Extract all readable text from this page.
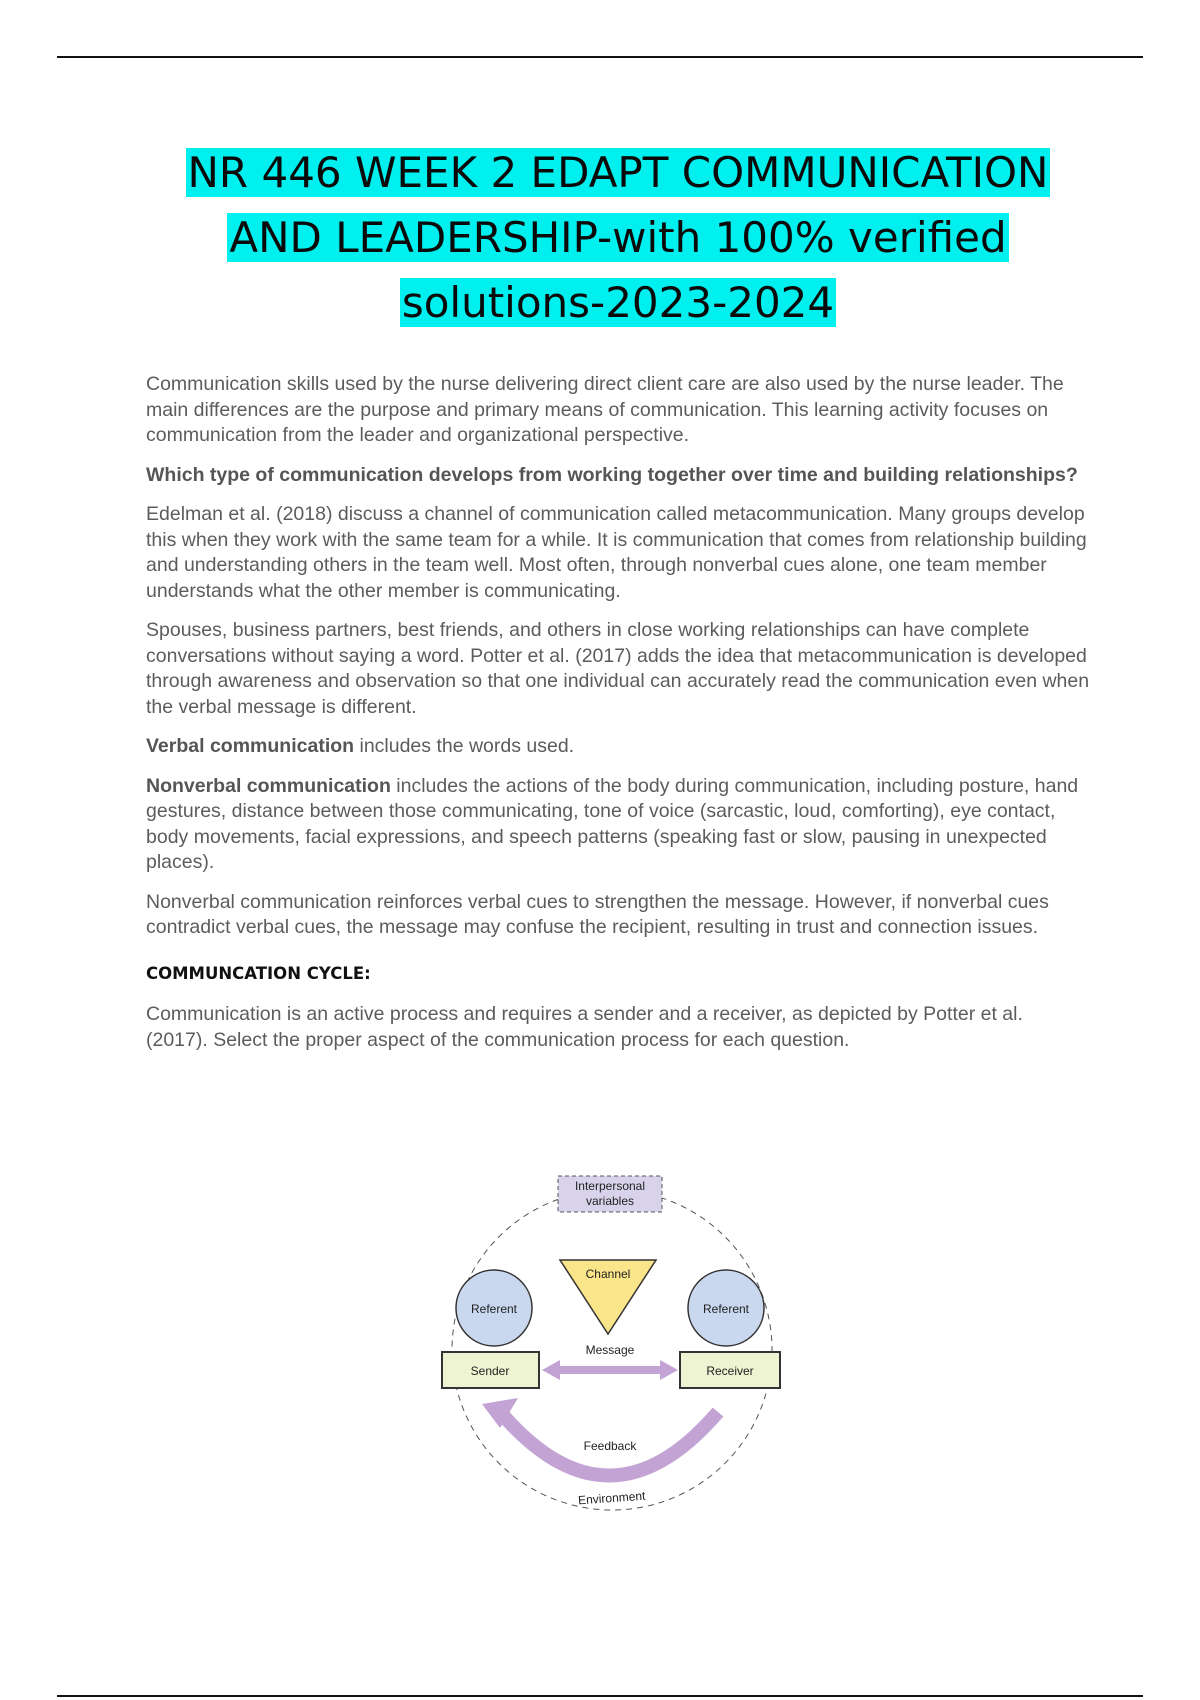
NR 446 WEEK 2 EDAPT COMMUNICATION AND LEADERSHIP-with 100% verified solutions-2023-2024

Communication skills used by the nurse delivering direct client care are also used by the nurse leader. The main differences are the purpose and primary means of communication. This learning activity focuses on communication from the leader and organizational perspective.

Which type of communication develops from working together over time and building relationships?

Edelman et al. (2018) discuss a channel of communication called metacommunication. Many groups develop this when they work with the same team for a while. It is communication that comes from relationship building and understanding others in the team well. Most often, through nonverbal cues alone, one team member understands what the other member is communicating.

Spouses, business partners, best friends, and others in close working relationships can have complete conversations without saying a word. Potter et al. (2017) adds the idea that metacommunication is developed through awareness and observation so that one individual can accurately read the communication even when the verbal message is different.

Verbal communication includes the words used.

Nonverbal communication includes the actions of the body during communication, including posture, hand gestures, distance between those communicating, tone of voice (sarcastic, loud, comforting), eye contact, body movements, facial expressions, and speech patterns (speaking fast or slow, pausing in unexpected places).

Nonverbal communication reinforces verbal cues to strengthen the message. However, if nonverbal cues contradict verbal cues, the message may confuse the recipient, resulting in trust and connection issues.

COMMUNCATION CYCLE:

Communication is an active process and requires a sender and a receiver, as depicted by Potter et al. (2017). Select the proper aspect of the communication process for each question.

Interpersonal
variables
Channel
Referent	Referent
Sender	Receiver
Message
Feedback
Environment
